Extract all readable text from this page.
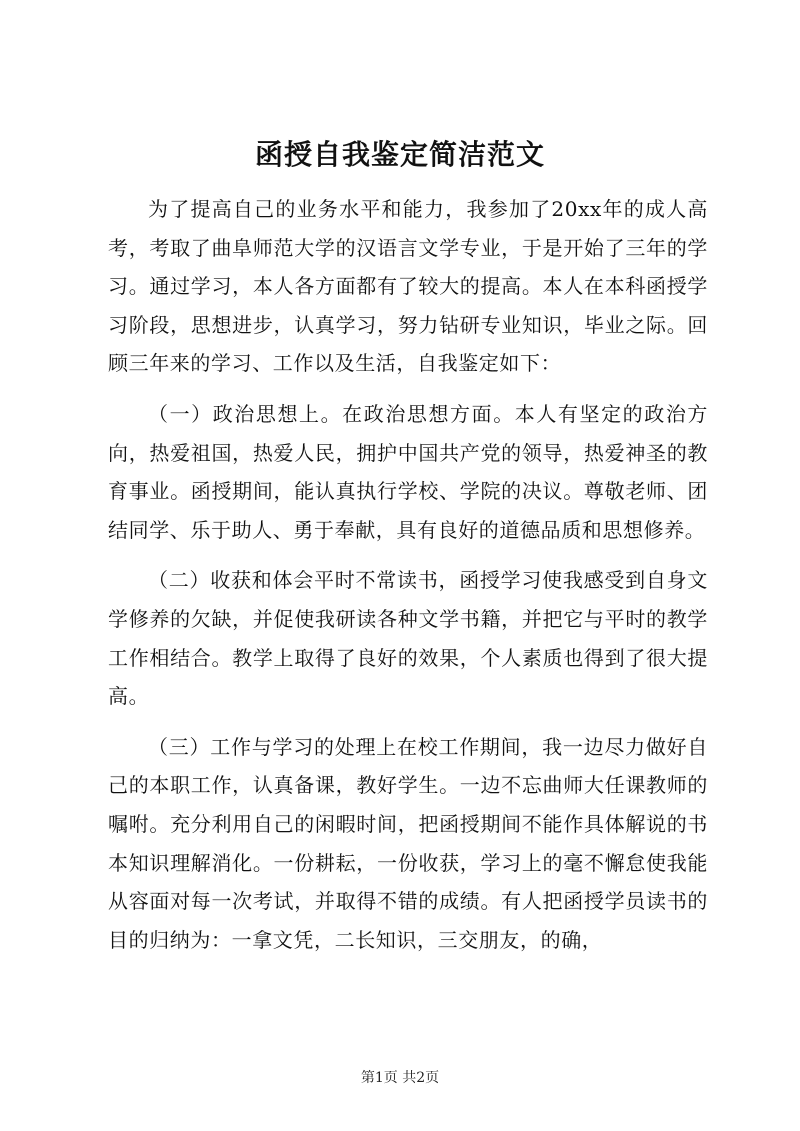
函授自我鉴定简洁范文

为了提高自己的业务水平和能力，我参加了20xx年的成人高考，考取了曲阜师范大学的汉语言文学专业，于是开始了三年的学习。通过学习，本人各方面都有了较大的提高。本人在本科函授学习阶段，思想进步，认真学习，努力钻研专业知识，毕业之际。回顾三年来的学习、工作以及生活，自我鉴定如下：

（一）政治思想上。在政治思想方面。本人有坚定的政治方向，热爱祖国，热爱人民，拥护中国共产党的领导，热爱神圣的教育事业。函授期间，能认真执行学校、学院的决议。尊敬老师、团结同学、乐于助人、勇于奉献，具有良好的道德品质和思想修养。

（二）收获和体会平时不常读书，函授学习使我感受到自身文学修养的欠缺，并促使我研读各种文学书籍，并把它与平时的教学工作相结合。教学上取得了良好的效果，个人素质也得到了很大提高。

（三）工作与学习的处理上在校工作期间，我一边尽力做好自己的本职工作，认真备课，教好学生。一边不忘曲师大任课教师的嘱咐。充分利用自己的闲暇时间，把函授期间不能作具体解说的书本知识理解消化。一份耕耘，一份收获，学习上的毫不懈怠使我能从容面对每一次考试，并取得不错的成绩。有人把函授学员读书的目的归纳为：一拿文凭，二长知识，三交朋友，的确，

第1页 共2页
